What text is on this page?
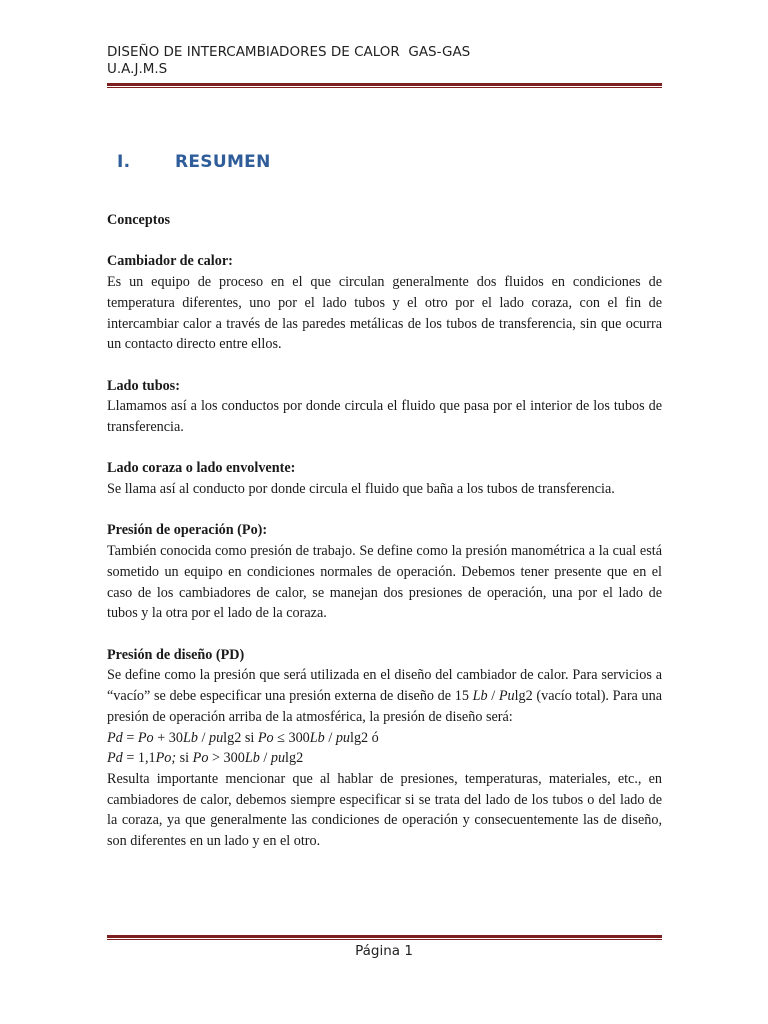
DISEÑO DE INTERCAMBIADORES DE CALOR  GAS-GAS
U.A.J.M.S
I.	RESUMEN

Conceptos

Cambiador de calor:

Es un equipo de proceso en el que circulan generalmente dos fluidos en condiciones de temperatura diferentes, uno por el lado tubos y el otro por el lado coraza, con el fin de intercambiar calor a través de las paredes metálicas de los tubos de transferencia, sin que ocurra un contacto directo entre ellos.

Lado tubos:

Llamamos así a los conductos por donde circula el fluido que pasa por el interior de los tubos de transferencia.

Lado coraza o lado envolvente:

Se llama así al conducto por donde circula el fluido que baña a los tubos de transferencia.

Presión de operación (Po):

También conocida como presión de trabajo. Se define como la presión manométrica a la cual está sometido un equipo en condiciones normales de operación. Debemos tener presente que en el caso de los cambiadores de calor, se manejan dos presiones de operación, una por el lado de tubos y la otra por el lado de la coraza.

Presión de diseño (PD)

Se define como la presión que será utilizada en el diseño del cambiador de calor. Para servicios a “vacío” se debe especificar una presión externa de diseño de 15 Lb / Pulg2 (vacío total). Para una presión de operación arriba de la atmosférica, la presión de diseño será:

Pd = Po + 30Lb / pulg2 si Po ≤ 300Lb / pulg2 ó

Pd = 1,1Po; si Po > 300Lb / pulg2

Resulta importante mencionar que al hablar de presiones, temperaturas, materiales, etc., en cambiadores de calor, debemos siempre especificar si se trata del lado de los tubos o del lado de la coraza, ya que generalmente las condiciones de operación y consecuentemente las de diseño, son diferentes en un lado y en el otro.

Página 1
